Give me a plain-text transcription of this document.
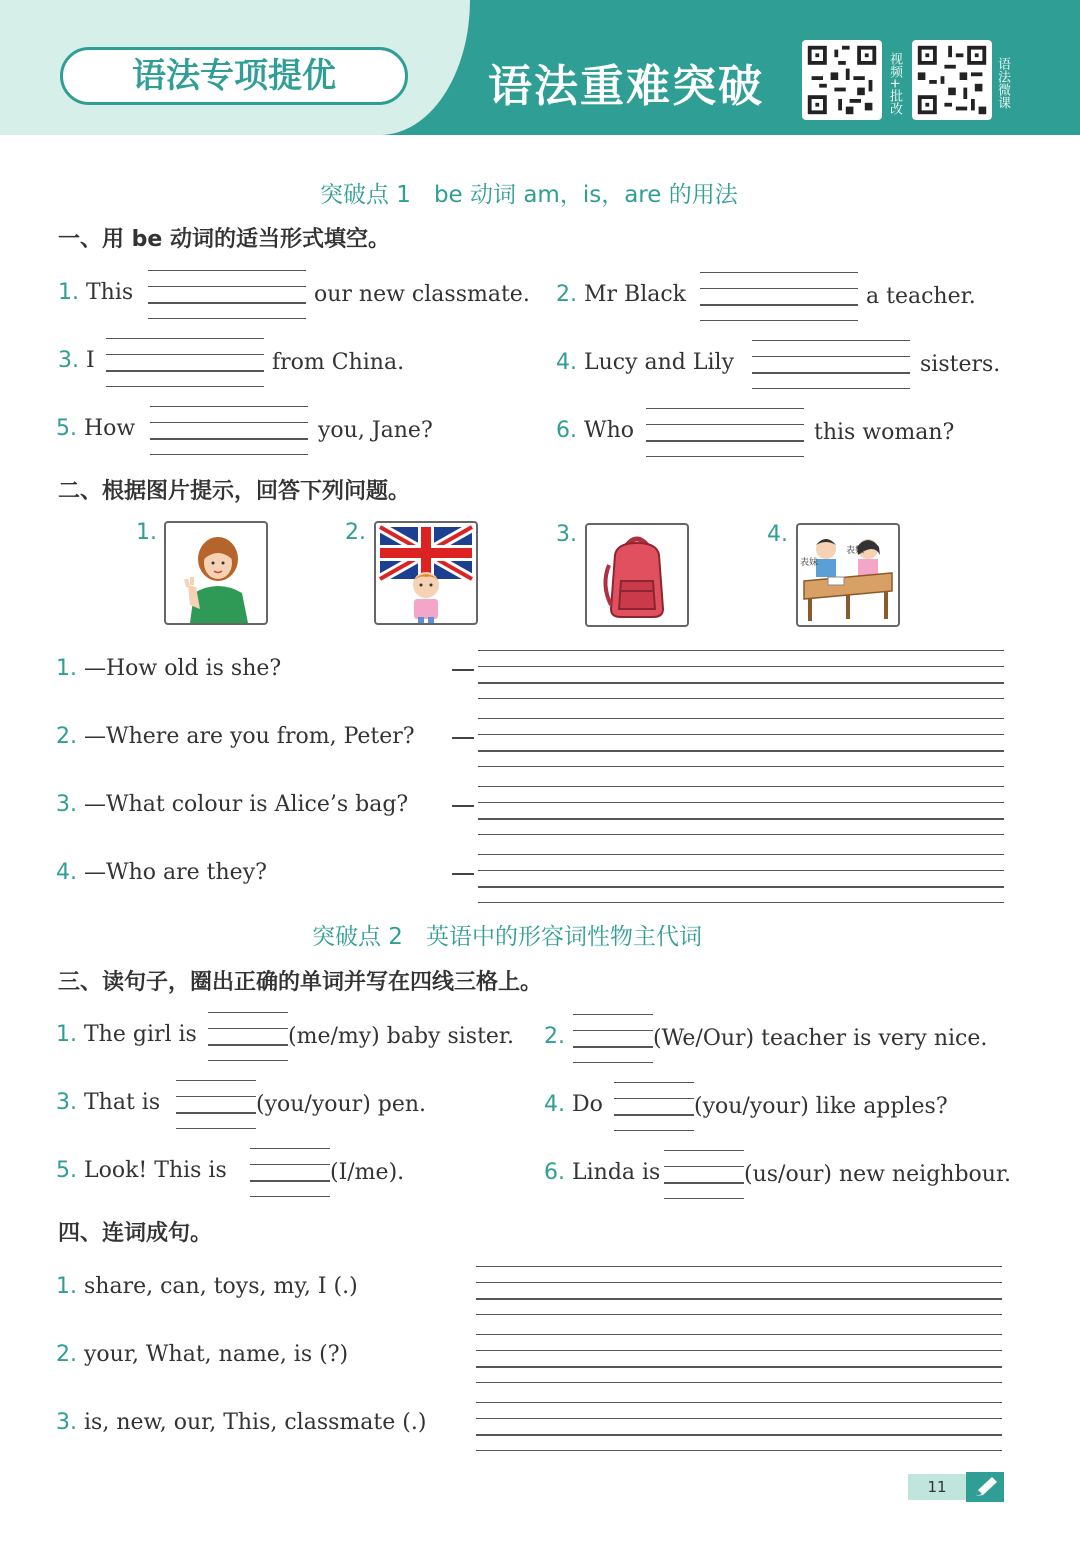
语法专项提优	语法重难突破	视频+批改	语法微课
突破点 1　be 动词 am，is，are 的用法
一、用 be 动词的适当形式填空。
1. This	our new classmate. 2. Mr Black	a teacher.
3. I	from China.	4. Lucy and Lily	sisters.
5. How	you, Jane?	6. Who	this woman?
二、根据图片提示，回答下列问题。
1.	2.	3.	4.
表妹
表妹
1. —How old is she?
2. —Where are you from, Peter?
3. —What colour is Alice’s bag?
4. —Who are they?
突破点 2　英语中的形容词性物主代词
三、读句子，圈出正确的单词并写在四线三格上。
1. The girl is	(me/my) baby sister. 2.	(We/Our) teacher is very nice.
3. That is	(you/your) pen.	4. Do	(you/your) like apples?
5. Look! This is	(I/me).	6. Linda is	(us/our) new neighbour.
四、连词成句。
1. share, can, toys, my, I (.)
2. your, What, name, is (?)
3. is, new, our, This, classmate (.)
11
